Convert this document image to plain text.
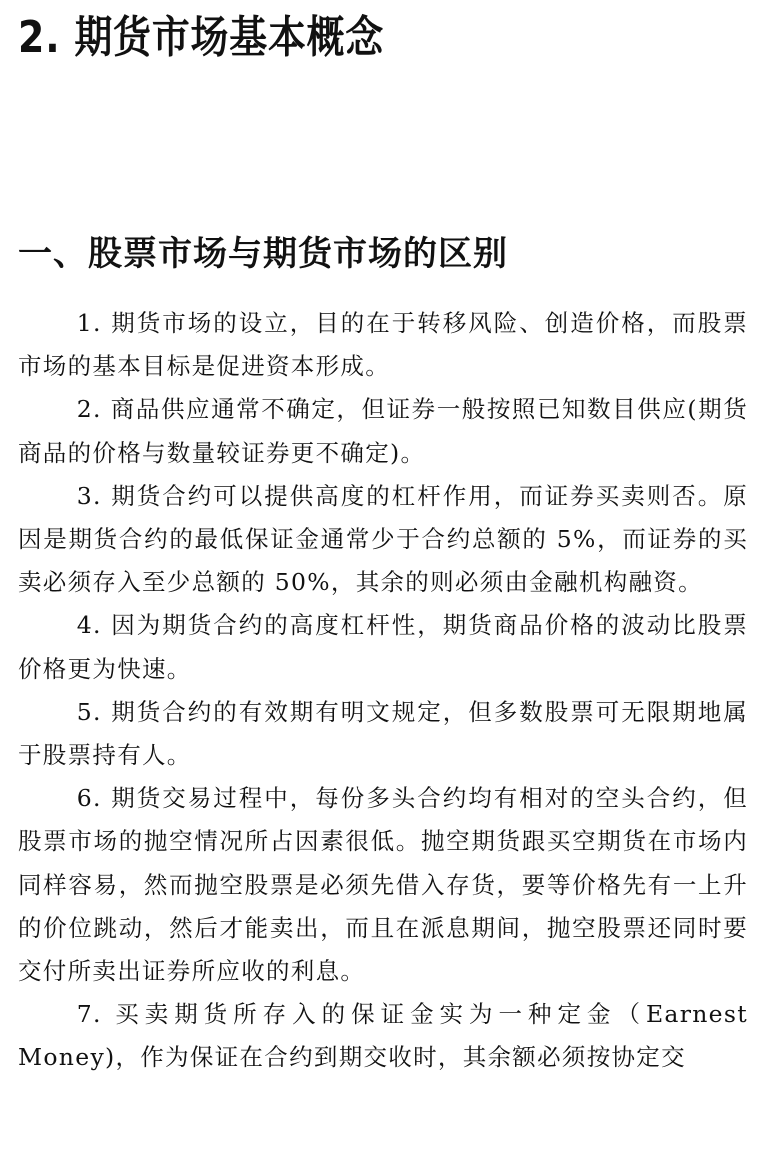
2. 期货市场基本概念
一、股票市场与期货市场的区别

1. 期货市场的设立，目的在于转移风险、创造价格，而股票市场的基本目标是促进资本形成。

2. 商品供应通常不确定，但证券一般按照已知数目供应(期货商品的价格与数量较证券更不确定)。

3. 期货合约可以提供高度的杠杆作用，而证券买卖则否。原因是期货合约的最低保证金通常少于合约总额的 5%，而证券的买卖必须存入至少总额的 50%，其余的则必须由金融机构融资。

4. 因为期货合约的高度杠杆性，期货商品价格的波动比股票价格更为快速。

5. 期货合约的有效期有明文规定，但多数股票可无限期地属于股票持有人。

6. 期货交易过程中，每份多头合约均有相对的空头合约，但股票市场的抛空情况所占因素很低。抛空期货跟买空期货在市场内同样容易，然而抛空股票是必须先借入存货，要等价格先有一上升的价位跳动，然后才能卖出，而且在派息期间，抛空股票还同时要交付所卖出证券所应收的利息。

7. 买卖期货所存入的保证金实为一种定金（Earnest Money)，作为保证在合约到期交收时，其余额必须按协定交
